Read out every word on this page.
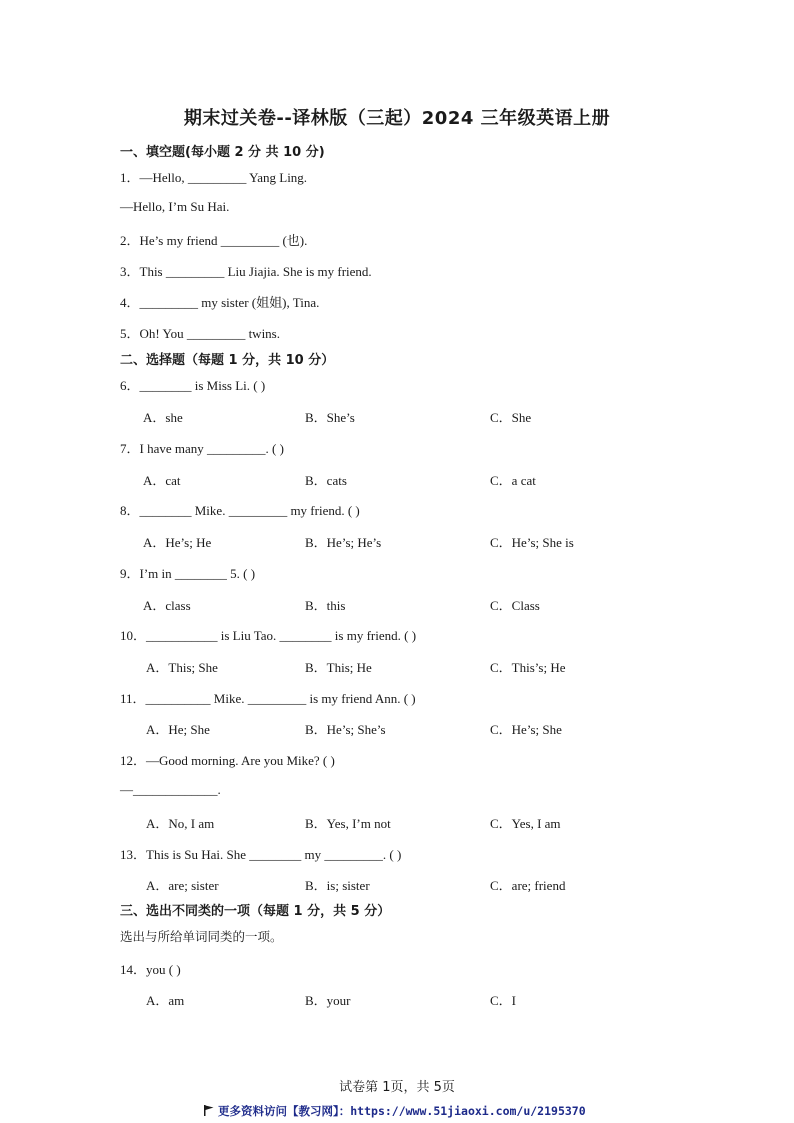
期末过关卷--译林版（三起）2024 三年级英语上册
一、填空题(每小题 2 分 共 10 分)
1．—Hello, _________ Yang Ling.
—Hello, I’m Su Hai.
2．He’s my friend _________ (也).
3．This _________ Liu Jiajia. She is my friend.
4．_________ my sister (姐姐), Tina.
5．Oh! You _________ twins.
二、选择题（每题 1 分，共 10 分）
6．________ is Miss Li. ( )
A．she	B．She’s	C．She
7．I have many _________. ( )
A．cat	B．cats	C．a cat
8．________ Mike. _________ my friend. ( )
A．He’s; He	B．He’s; He’s	C．He’s; She is
9．I’m in ________ 5. ( )
A．class	B．this	C．Class
10．___________ is Liu Tao. ________ is my friend. ( )
A．This; She	B．This; He	C．This’s; He
11．__________ Mike. _________ is my friend Ann. ( )
A．He; She	B．He’s; She’s	C．He’s; She
12．—Good morning. Are you Mike? ( )
—_____________.
A．No, I am	B．Yes, I’m not	C．Yes, I am
13．This is Su Hai. She ________ my _________. ( )
A．are; sister	B．is; sister	C．are; friend
三、选出不同类的一项（每题 1 分，共 5 分）
选出与所给单词同类的一项。
14．you ( )
A．am	B．your	C．I
试卷第 1页，共 5页
更多资料访问【教习网】：https://www.51jiaoxi.com/u/2195370
